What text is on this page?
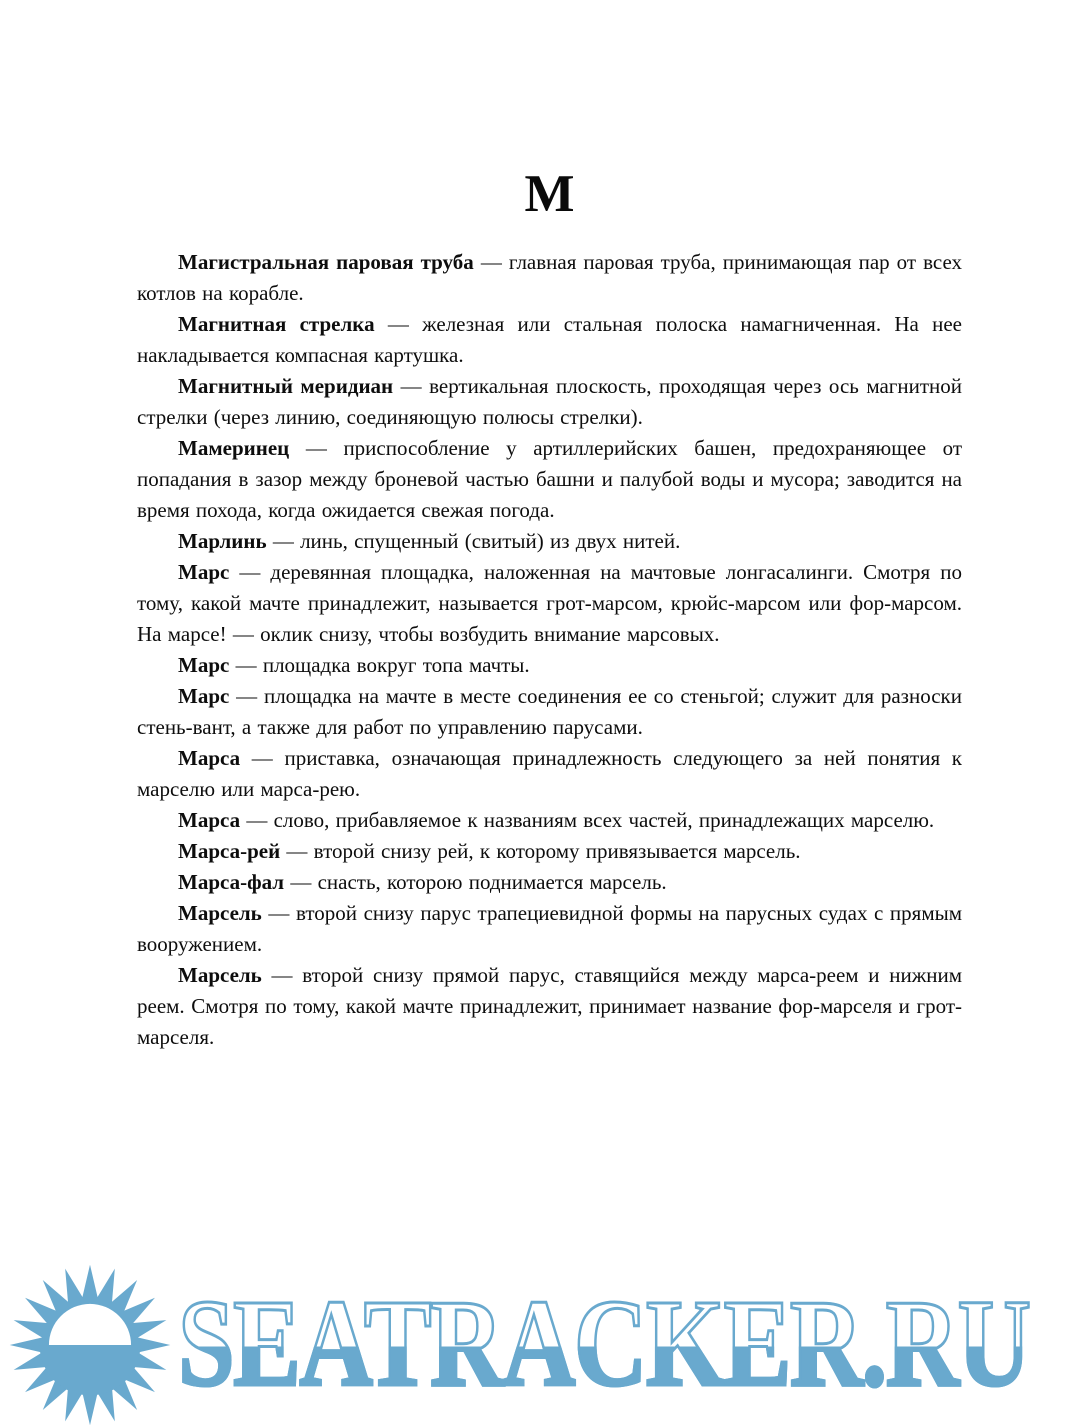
М

Магистральная паровая труба — главная паровая труба, принимающая пар от всех котлов на корабле.

Магнитная стрелка — железная или стальная полоска намагниченная. На нее накладывается компасная картушка.

Магнитный меридиан — вертикальная плоскость, проходящая через ось магнитной стрелки (через линию, соединяющую полюсы стрелки).

Мамеринец — приспособление у артиллерийских башен, предохраняющее от попадания в зазор между броневой частью башни и палубой воды и мусора; заводится на время похода, когда ожидается свежая погода.

Марлинь — линь, спущенный (свитый) из двух нитей.

Марс — деревянная площадка, наложенная на мачтовые лонгасалинги. Смотря по тому, какой мачте принадлежит, называется грот-марсом, крюйс-марсом или фор-марсом. На марсе! — оклик снизу, чтобы возбудить внимание марсовых.

Марс — площадка вокруг топа мачты.

Марс — площадка на мачте в месте соединения ее со стеньгой; служит для разноски стень-вант, а также для работ по управлению парусами.

Марса — приставка, означающая принадлежность следующего за ней понятия к марселю или марса-рею.

Марса — слово, прибавляемое к названиям всех частей, принадлежащих марселю.

Марса-рей — второй снизу рей, к которому привязывается марсель.

Марса-фал — снасть, которою поднимается марсель.

Марсель — второй снизу парус трапециевидной формы на парусных судах с прямым вооружением.

Марсель — второй снизу прямой парус, ставящийся между марса-реем и нижним реем. Смотря по тому, какой мачте принадлежит, принимает название фор-марселя и грот-марселя.

SEATRACKER.RU
